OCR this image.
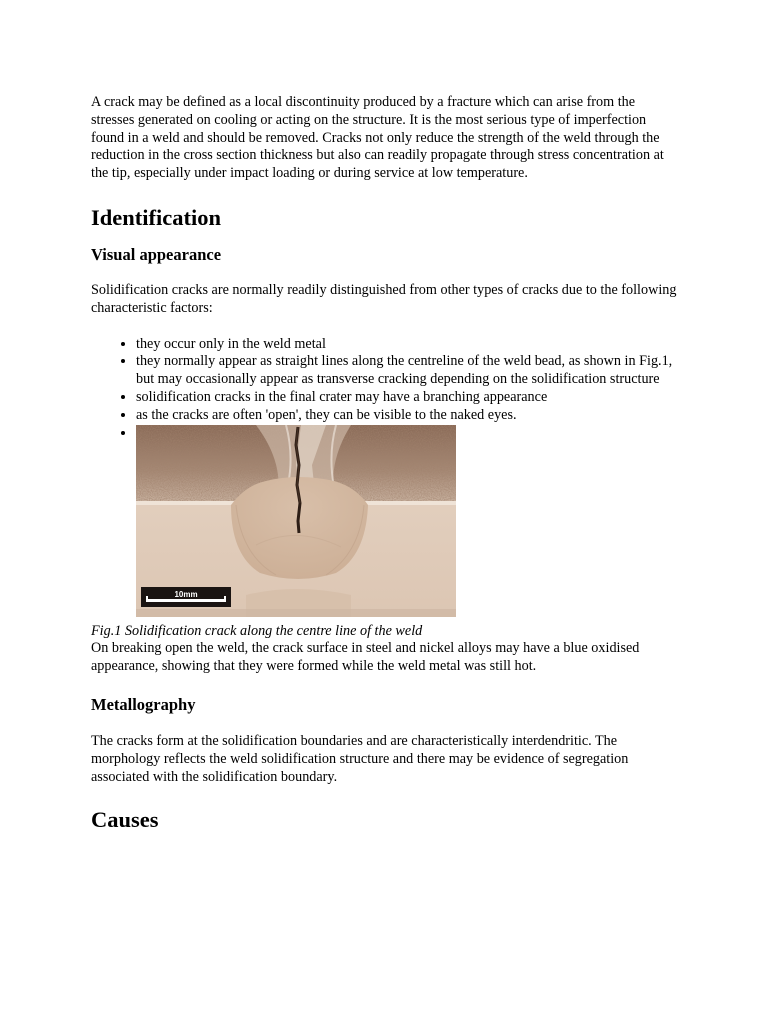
A crack may be defined as a local discontinuity produced by a fracture which can arise from the stresses generated on cooling or acting on the structure. It is the most serious type of imperfection found in a weld and should be removed. Cracks not only reduce the strength of the weld through the reduction in the cross section thickness but also can readily propagate through stress concentration at the tip, especially under impact loading or during service at low temperature.

Identification
Visual appearance

Solidification cracks are normally readily distinguished from other types of cracks due to the following characteristic factors:

• they occur only in the weld metal
• they normally appear as straight lines along the centreline of the weld bead, as shown in Fig.1, but may occasionally appear as transverse cracking depending on the solidification structure
• solidification cracks in the final crater may have a branching appearance
• as the cracks are often 'open', they can be visible to the naked eyes.
• 10mm

Fig.1 Solidification crack along the centre line of the weld

On breaking open the weld, the crack surface in steel and nickel alloys may have a blue oxidised appearance, showing that they were formed while the weld metal was still hot.

Metallography

The cracks form at the solidification boundaries and are characteristically interdendritic. The morphology reflects the weld solidification structure and there may be evidence of segregation associated with the solidification boundary.

Causes
